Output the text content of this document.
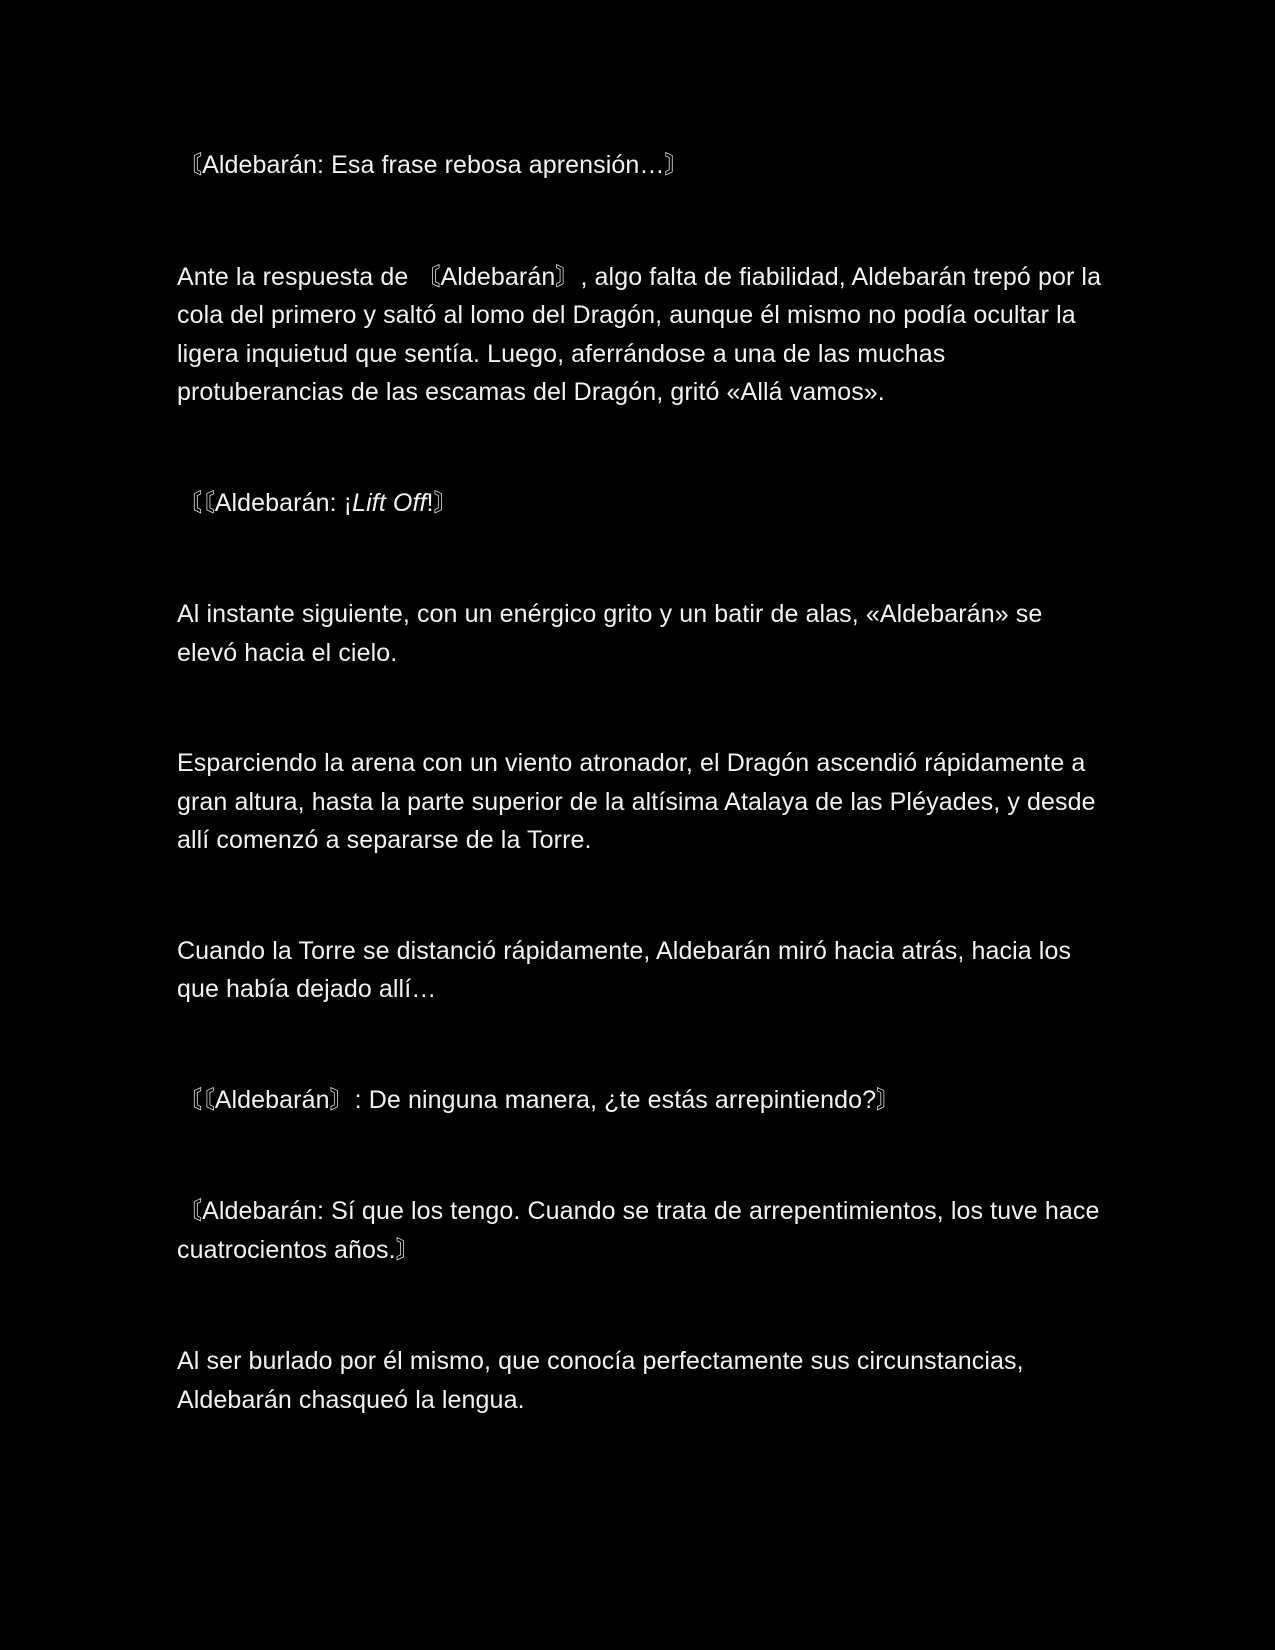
〘Aldebarán: Esa frase rebosa aprensión…〙

Ante la respuesta de 〘Aldebarán〙, algo falta de fiabilidad, Aldebarán trepó por la cola del primero y saltó al lomo del Dragón, aunque él mismo no podía ocultar la ligera inquietud que sentía. Luego, aferrándose a una de las muchas protuberancias de las escamas del Dragón, gritó «Allá vamos».

〘〘Aldebarán: ¡Lift Off!〙

Al instante siguiente, con un enérgico grito y un batir de alas, «Aldebarán» se elevó hacia el cielo.

Esparciendo la arena con un viento atronador, el Dragón ascendió rápidamente a gran altura, hasta la parte superior de la altísima Atalaya de las Pléyades, y desde allí comenzó a separarse de la Torre.

Cuando la Torre se distanció rápidamente, Aldebarán miró hacia atrás, hacia los que había dejado allí…

〘〘Aldebarán〙: De ninguna manera, ¿te estás arrepintiendo?〙

〘Aldebarán: Sí que los tengo. Cuando se trata de arrepentimientos, los tuve hace cuatrocientos años.〙

Al ser burlado por él mismo, que conocía perfectamente sus circunstancias, Aldebarán chasqueó la lengua.
